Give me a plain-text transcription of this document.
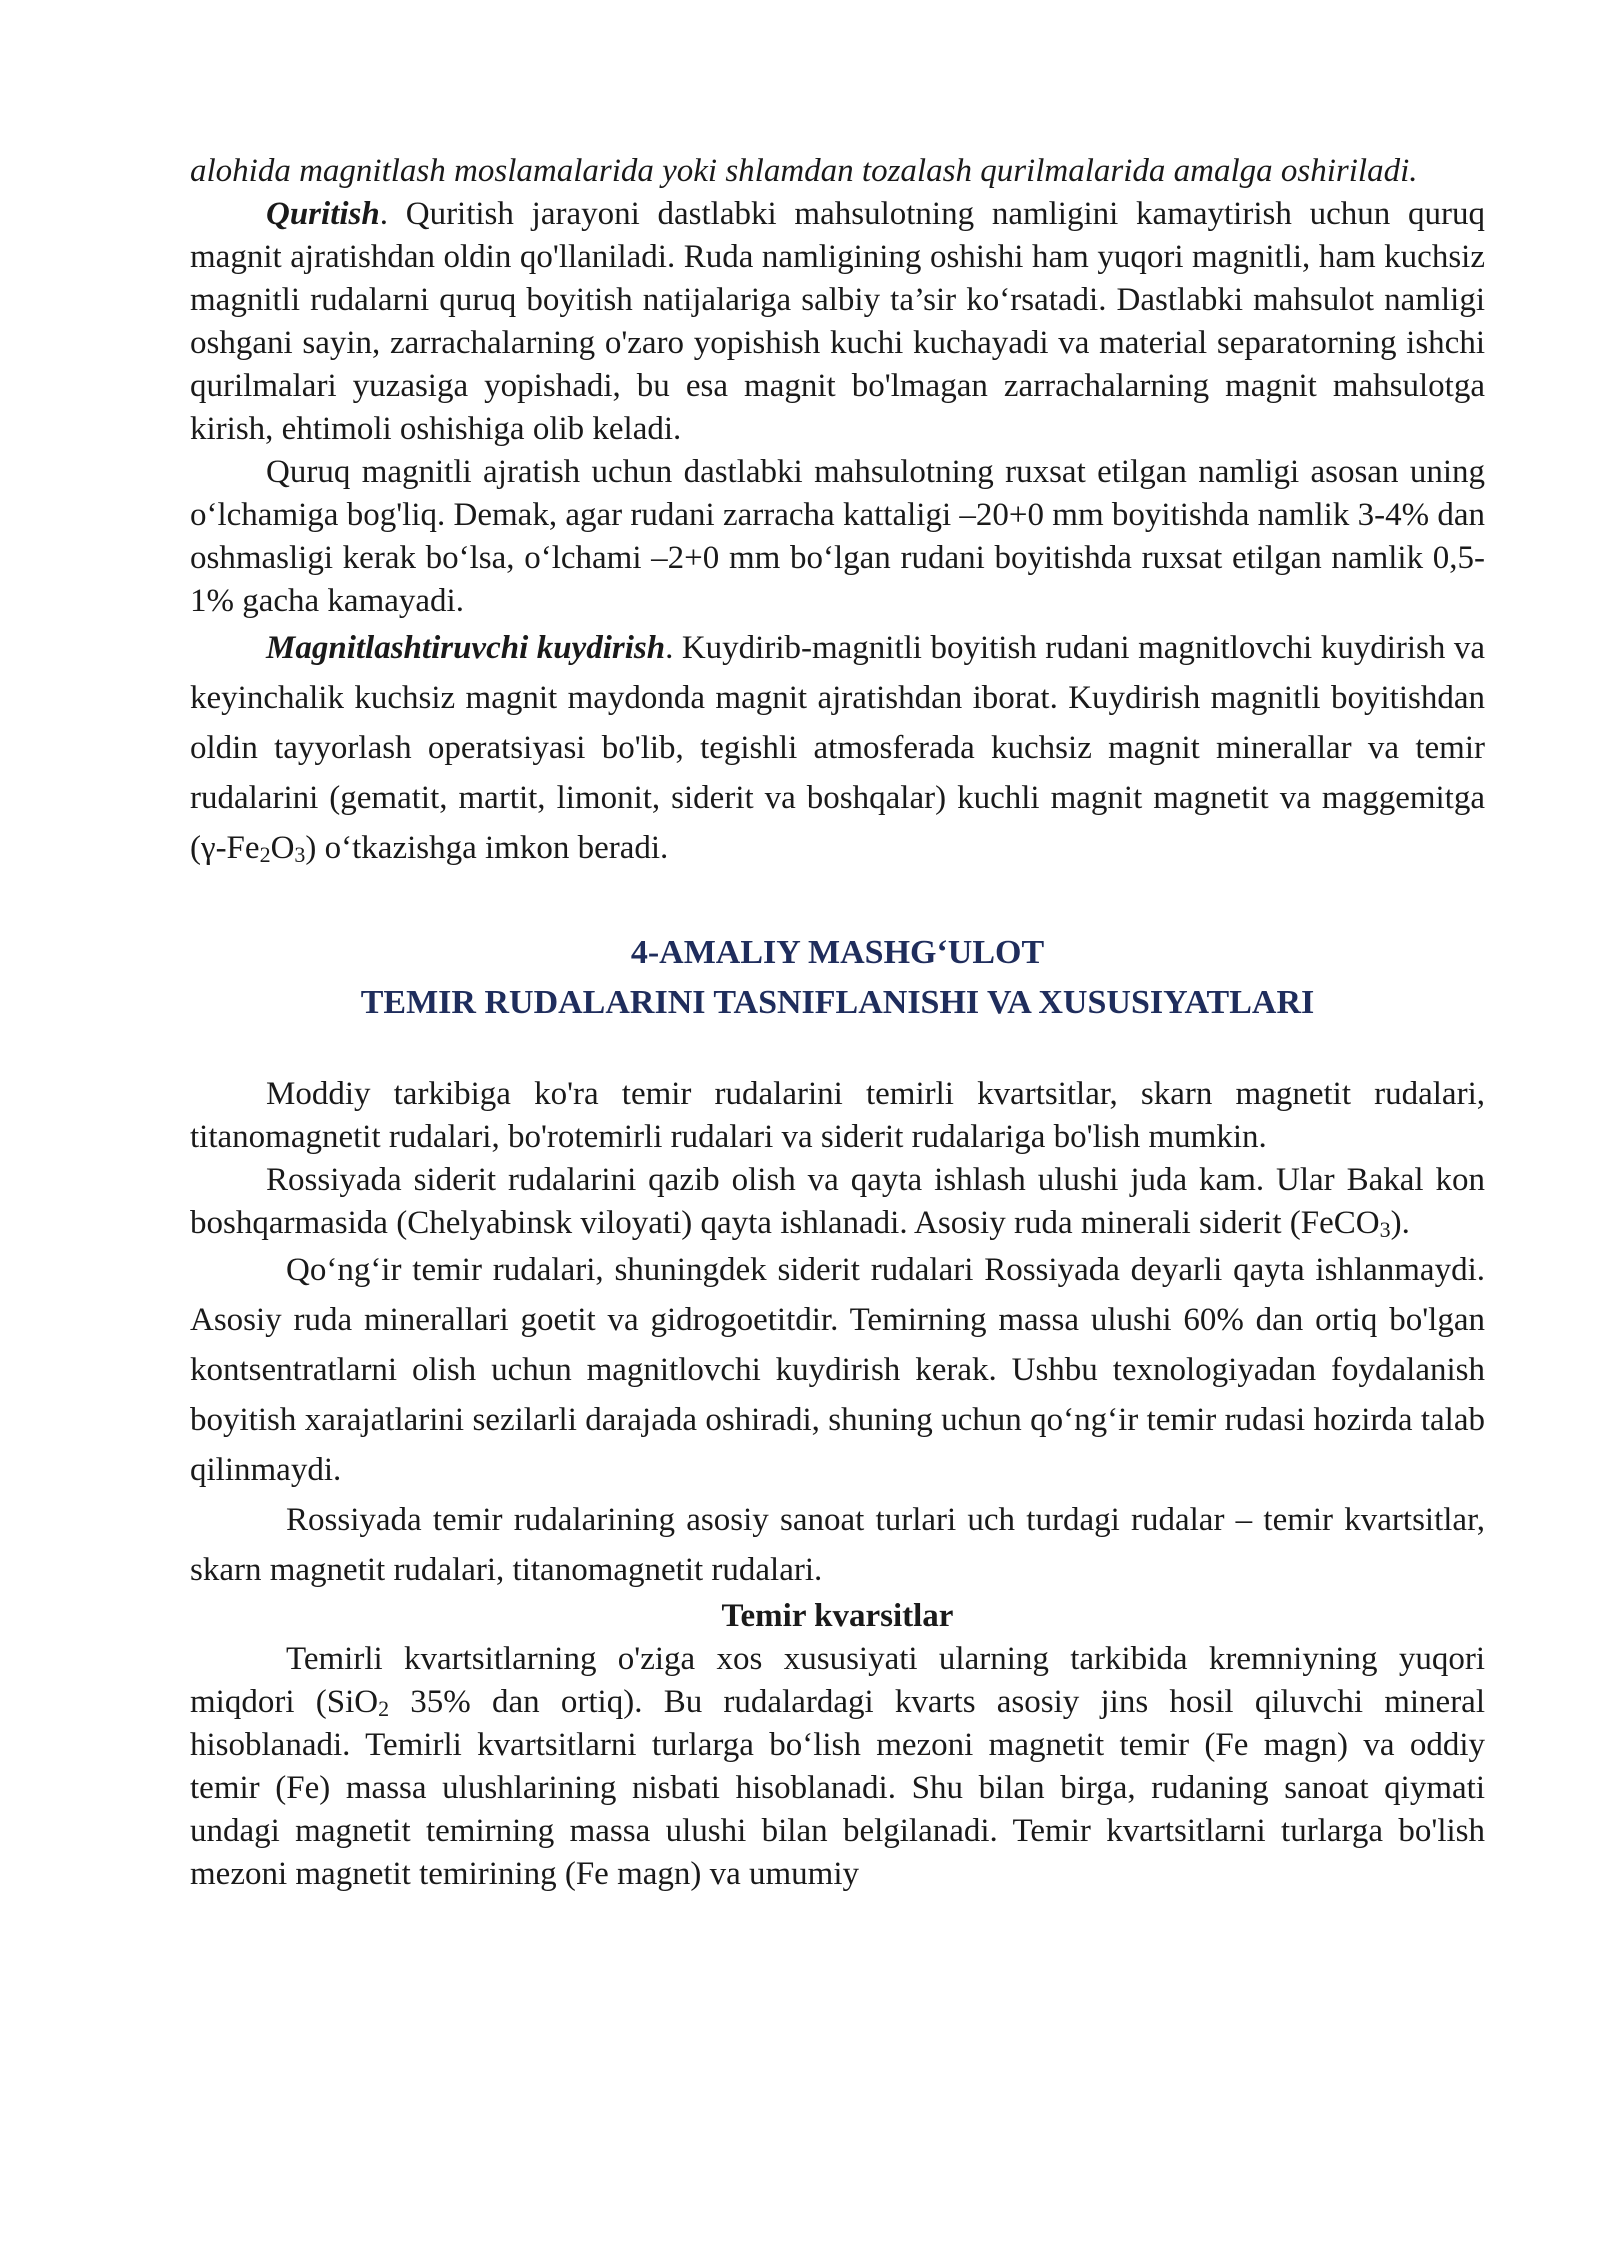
alohida magnitlash moslamalarida yoki shlamdan tozalash qurilmalarida amalga oshiriladi.

Quritish. Quritish jarayoni dastlabki mahsulotning namligini kamaytirish uchun quruq magnit ajratishdan oldin qo'llaniladi. Ruda namligining oshishi ham yuqori magnitli, ham kuchsiz magnitli rudalarni quruq boyitish natijalariga salbiy ta’sir koʻrsatadi. Dastlabki mahsulot namligi oshgani sayin, zarrachalarning o'zaro yopishish kuchi kuchayadi va material separatorning ishchi qurilmalari yuzasiga yopishadi, bu esa magnit bo'lmagan zarrachalarning magnit mahsulotga kirish, ehtimoli oshishiga olib keladi.

Quruq magnitli ajratish uchun dastlabki mahsulotning ruxsat etilgan namligi asosan uning oʻlchamiga bog'liq. Demak, agar rudani zarracha kattaligi –20+0 mm boyitishda namlik 3-4% dan oshmasligi kerak boʻlsa, oʻlchami –2+0 mm boʻlgan rudani boyitishda ruxsat etilgan namlik 0,5-1% gacha kamayadi.

Magnitlashtiruvchi kuydirish. Kuydirib-magnitli boyitish rudani magnitlovchi kuydirish va keyinchalik kuchsiz magnit maydonda magnit ajratishdan iborat. Kuydirish magnitli boyitishdan oldin tayyorlash operatsiyasi bo'lib, tegishli atmosferada kuchsiz magnit minerallar va temir rudalarini (gematit, martit, limonit, siderit va boshqalar) kuchli magnit magnetit va maggemitga $(\gamma-Fe_2O_3)$ oʻtkazishga imkon beradi.

4-AMALIY MASHGʻULOT
TEMIR RUDALARINI TASNIFLANISHI VA XUSUSIYATLARI

Moddiy tarkibiga ko'ra temir rudalarini temirli kvartsitlar, skarn magnetit rudalari, titanomagnetit rudalari, bo'rotemirli rudalari va siderit rudalariga bo'lish mumkin.

Rossiyada siderit rudalarini qazib olish va qayta ishlash ulushi juda kam. Ular Bakal kon boshqarmasida (Chelyabinsk viloyati) qayta ishlanadi. Asosiy ruda minerali siderit (FeCO$_3$).

Qoʻngʻir temir rudalari, shuningdek siderit rudalari Rossiyada deyarli qayta ishlanmaydi. Asosiy ruda minerallari goetit va gidrogoetitdir. Temirning massa ulushi 60% dan ortiq bo'lgan kontsentratlarni olish uchun magnitlovchi kuydirish kerak. Ushbu texnologiyadan foydalanish boyitish xarajatlarini sezilarli darajada oshiradi, shuning uchun qoʻngʻir temir rudasi hozirda talab qilinmaydi.

Rossiyada temir rudalarining asosiy sanoat turlari uch turdagi rudalar – temir kvartsitlar, skarn magnetit rudalari, titanomagnetit rudalari.

Temir kvarsitlar

Temirli kvartsitlarning o'ziga xos xususiyati ularning tarkibida kremniyning yuqori miqdori (SiO$_2$ 35% dan ortiq). Bu rudalardagi kvarts asosiy jins hosil qiluvchi mineral hisoblanadi. Temirli kvartsitlarni turlarga boʻlish mezoni magnetit temir (Fe magn) va oddiy temir (Fe) massa ulushlarining nisbati hisoblanadi. Shu bilan birga, rudaning sanoat qiymati undagi magnetit temirning massa ulushi bilan belgilanadi. Temir kvartsitlarni turlarga bo'lish mezoni magnetit temirining (Fe magn) va umumiy
